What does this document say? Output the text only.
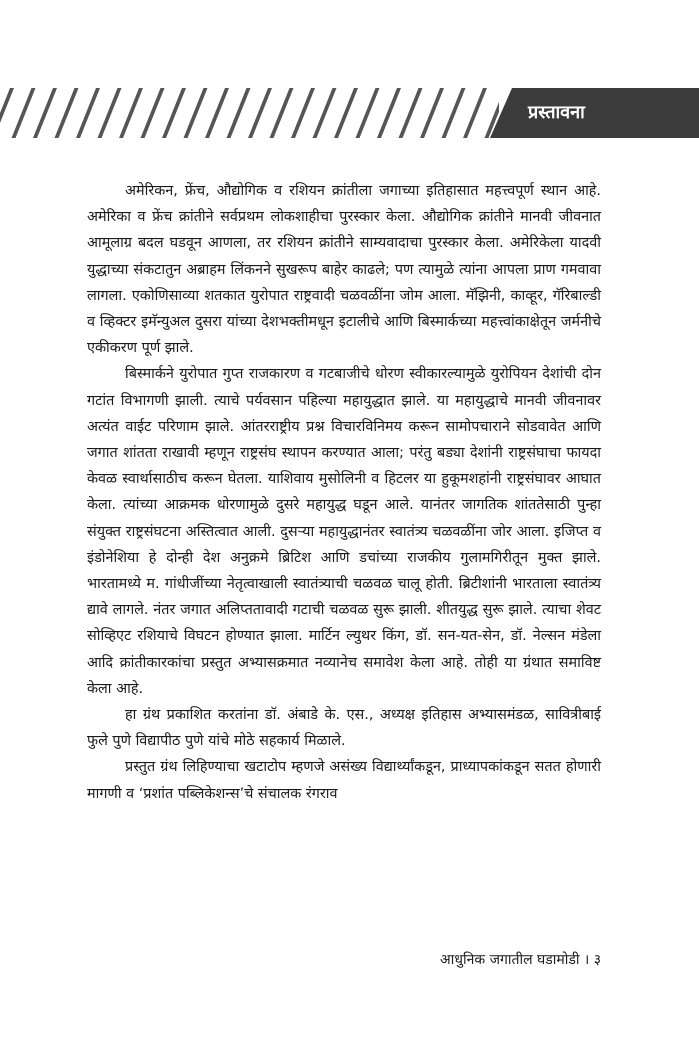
प्रस्तावना

अमेरिकन, फ्रेंच, औद्योगिक व रशियन क्रांतीला जगाच्या इतिहासात महत्त्वपूर्ण स्थान आहे. अमेरिका व फ्रेंच क्रांतीने सर्वप्रथम लोकशाहीचा पुरस्कार केला. औद्योगिक क्रांतीने मानवी जीवनात आमूलाग्र बदल घडवून आणला, तर रशियन क्रांतीने साम्यवादाचा पुरस्कार केला. अमेरिकेला यादवी युद्धाच्या संकटातुन अब्राहम लिंकनने सुखरूप बाहेर काढले; पण त्यामुळे त्यांना आपला प्राण गमवावा लागला. एकोणिसाव्या शतकात युरोपात राष्ट्रवादी चळवळींना जोम आला. मॅझिनी, काव्हूर, गॅरिबाल्डी व व्हिक्टर इमॅन्युअल दुसरा यांच्या देशभक्तीमधून इटालीचे आणि बिस्मार्कच्या महत्त्वांकाक्षेतून जर्मनीचे एकीकरण पूर्ण झाले.

बिस्मार्कने युरोपात गुप्त राजकारण व गटबाजीचे धोरण स्वीकारल्यामुळे युरोपियन देशांची दोन गटांत विभागणी झाली. त्याचे पर्यवसान पहिल्या महायुद्धात झाले. या महायुद्धाचे मानवी जीवनावर अत्यंत वाईट परिणाम झाले. आंतरराष्ट्रीय प्रश्न विचारविनिमय करून सामोपचाराने सोडवावेत आणि जगात शांतता राखावी म्हणून राष्ट्रसंघ स्थापन करण्यात आला; परंतु बड्या देशांनी राष्ट्रसंघाचा फायदा केवळ स्वार्थासाठीच करून घेतला. याशिवाय मुसोलिनी व हिटलर या हुकूमशहांनी राष्ट्रसंघावर आघात केला. त्यांच्या आक्रमक धोरणामुळे दुसरे महायुद्ध घडून आले. यानंतर जागतिक शांततेसाठी पुन्हा संयुक्त राष्ट्रसंघटना अस्तित्वात आली. दुसऱ्या महायुद्धानंतर स्वातंत्र्य चळवळींना जोर आला. इजिप्त व इंडोनेशिया हे दोन्ही देश अनुक्रमे ब्रिटिश आणि डचांच्या राजकीय गुलामगिरीतून मुक्त झाले. भारतामध्ये म. गांधीजींच्या नेतृत्वाखाली स्वातंत्र्याची चळवळ चालू होती. ब्रिटीशांनी भारताला स्वातंत्र्य द्यावे लागले. नंतर जगात अलिप्ततावादी गटाची चळवळ सुरू झाली. शीतयुद्ध सुरू झाले. त्याचा शेवट सोव्हिएट रशियाचे विघटन होण्यात झाला. मार्टिन ल्युथर किंग, डॉ. सन-यत-सेन, डॉ. नेल्सन मंडेला आदि क्रांतीकारकांचा प्रस्तुत अभ्यासक्रमात नव्यानेच समावेश केला आहे. तोही या ग्रंथात समाविष्ट केला आहे.

हा ग्रंथ प्रकाशित करतांना डॉ. अंबाडे के. एस., अध्यक्ष इतिहास अभ्यासमंडळ, सावित्रीबाई फुले पुणे विद्यापीठ पुणे यांचे मोठे सहकार्य मिळाले.

प्रस्तुत ग्रंथ लिहिण्याचा खटाटोप म्हणजे असंख्य विद्यार्थ्यांकडून, प्राध्यापकांकडून सतत होणारी मागणी व ‘प्रशांत पब्लिकेशन्स’चे संचालक रंगराव

आधुनिक जगातील घडामोडी । ३
